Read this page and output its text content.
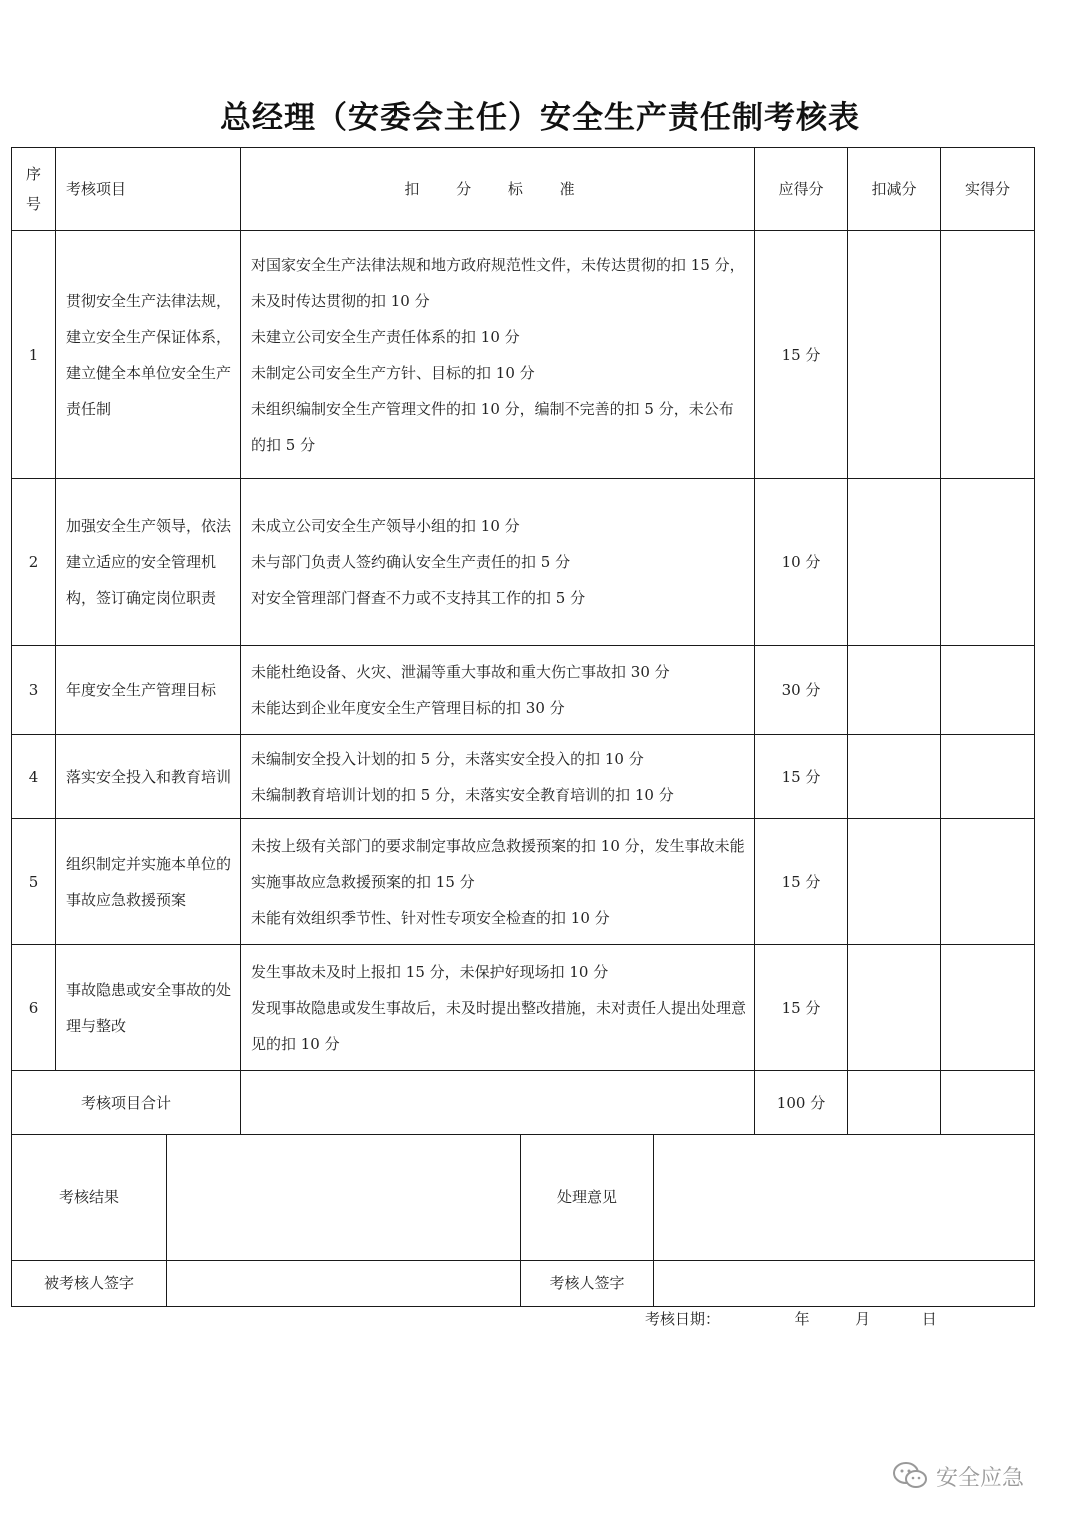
总经理（安委会主任）安全生产责任制考核表
序号	考核项目	扣 分 标 准	应得分	扣减分	实得分
1	贯彻安全生产法律法规，建立安全生产保证体系，建立健全本单位安全生产责任制	对国家安全生产法律法规和地方政府规范性文件，未传达贯彻的扣 15 分，未及时传达贯彻的扣 10 分
未建立公司安全生产责任体系的扣 10 分
未制定公司安全生产方针、目标的扣 10 分
未组织编制安全生产管理文件的扣 10 分，编制不完善的扣 5 分，未公布的扣 5 分	15 分		
2	加强安全生产领导，依法建立适应的安全管理机构，签订确定岗位职责	未成立公司安全生产领导小组的扣 10 分
未与部门负责人签约确认安全生产责任的扣 5 分
对安全管理部门督查不力或不支持其工作的扣 5 分	10 分		
3	年度安全生产管理目标	未能杜绝设备、火灾、泄漏等重大事故和重大伤亡事故扣 30 分
未能达到企业年度安全生产管理目标的扣 30 分	30 分		
4	落实安全投入和教育培训	未编制安全投入计划的扣 5 分，未落实安全投入的扣 10 分
未编制教育培训计划的扣 5 分，未落实安全教育培训的扣 10 分	15 分		
5	组织制定并实施本单位的事故应急救援预案	未按上级有关部门的要求制定事故应急救援预案的扣 10 分，发生事故未能实施事故应急救援预案的扣 15 分
未能有效组织季节性、针对性专项安全检查的扣 10 分	15 分		
6	事故隐患或安全事故的处理与整改	发生事故未及时上报扣 15 分，未保护好现场扣 10 分
发现事故隐患或发生事故后，未及时提出整改措施，未对责任人提出处理意见的扣 10 分	15 分		
考核项目合计			100 分		
考核结果		处理意见	
被考核人签字		考核人签字	
考核日期：	年	月	日
安全应急
